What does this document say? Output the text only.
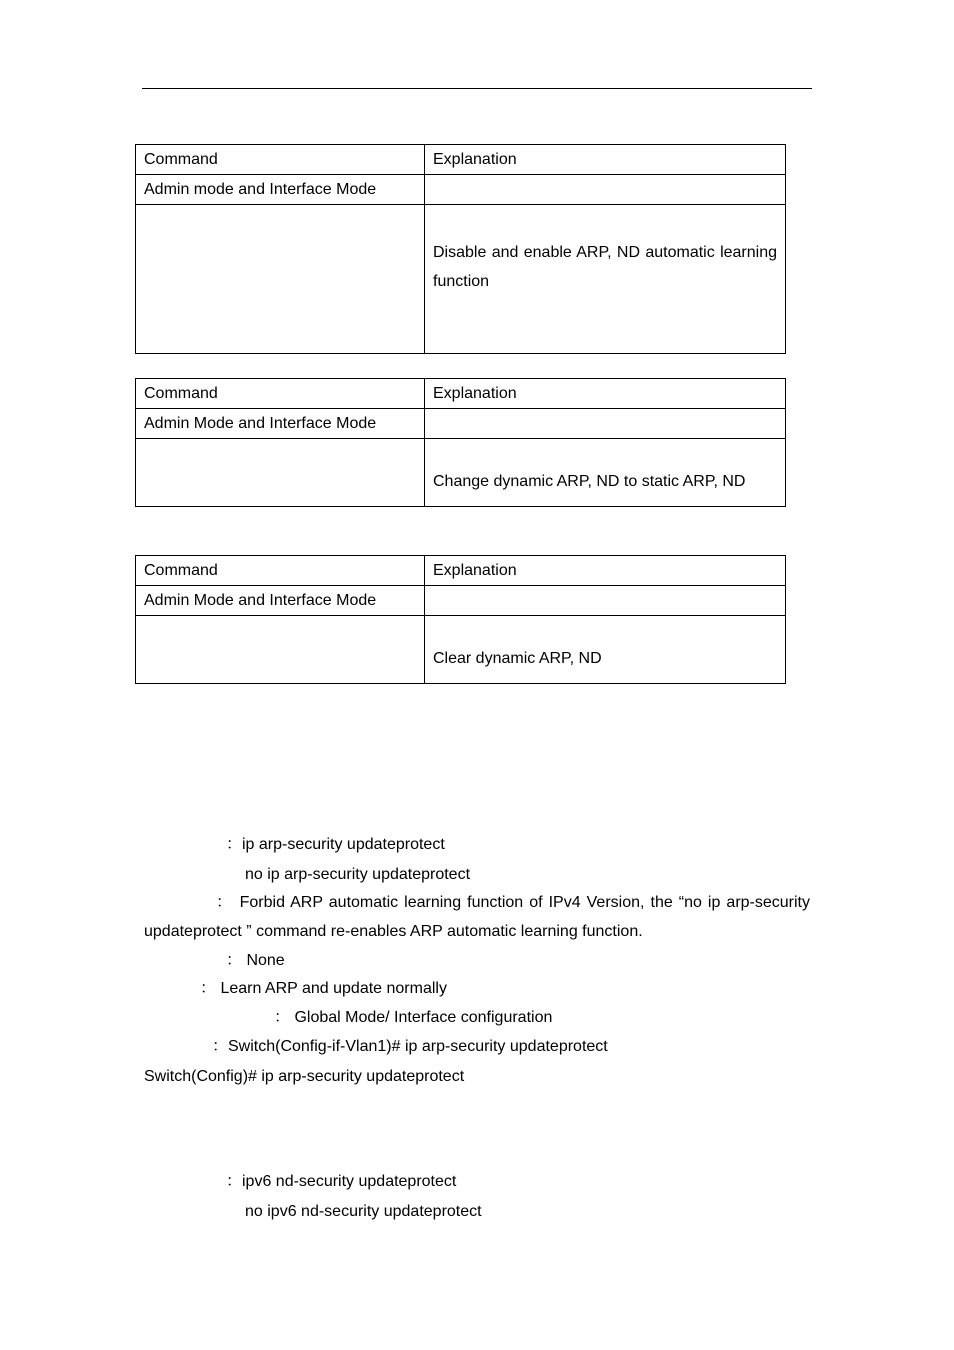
Command	Explanation
Admin mode and Interface Mode	
	Disable and enable ARP, ND automatic learning function
Command	Explanation
Admin Mode and Interface Mode	
	Change dynamic ARP, ND to static ARP, ND
Command	Explanation
Admin Mode and Interface Mode	
	Clear dynamic ARP, ND
：ip arp-security updateprotect
no ip arp-security updateprotect
： Forbid ARP automatic learning function of IPv4 Version, the “no ip arp-security updateprotect ” command re-enables ARP automatic learning function.
： None
： Learn ARP and update normally
： Global Mode/ Interface configuration
：Switch(Config-if-Vlan1)# ip arp-security updateprotect
Switch(Config)# ip arp-security updateprotect
：ipv6 nd-security updateprotect
no ipv6 nd-security updateprotect
